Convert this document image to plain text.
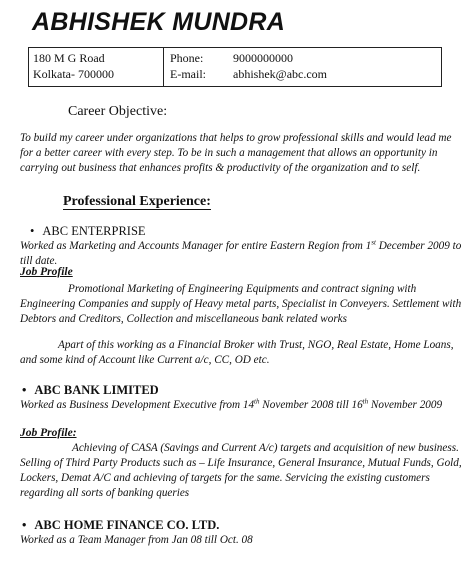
ABHISHEK MUNDRA
180 M G Road
Kolkata- 700000
Phone: 9000000000
E-mail: abhishek@abc.com
Career Objective:

To build my career under organizations that helps to grow professional skills and would lead me for a better career with every step. To be in such a management that allows an opportunity in carrying out business that enhances profits & productivity of the organization and to self.

Professional Experience:
• ABC ENTERPRISE

Worked as Marketing and Accounts Manager for entire Eastern Region from 1st December 2009 to till date.

Job Profile

Promotional Marketing of Engineering Equipments and contract signing with Engineering Companies and supply of Heavy metal parts, Specialist in Conveyers. Settlement with Debtors and Creditors, Collection and miscellaneous bank related works

Apart of this working as a Financial Broker with Trust, NGO, Real Estate, Home Loans, and some kind of Account like Current a/c, CC, OD etc.

• ABC BANK LIMITED

Worked as Business Development Executive from 14th November 2008 till 16th November 2009

Job Profile:

Achieving of CASA (Savings and Current A/c) targets and acquisition of new business. Selling of Third Party Products such as – Life Insurance, General Insurance, Mutual Funds, Gold, Lockers, Demat A/C and achieving of targets for the same. Servicing the existing customers regarding all sorts of banking queries

• ABC HOME FINANCE CO. LTD.

Worked as a Team Manager from Jan 08 till Oct. 08
